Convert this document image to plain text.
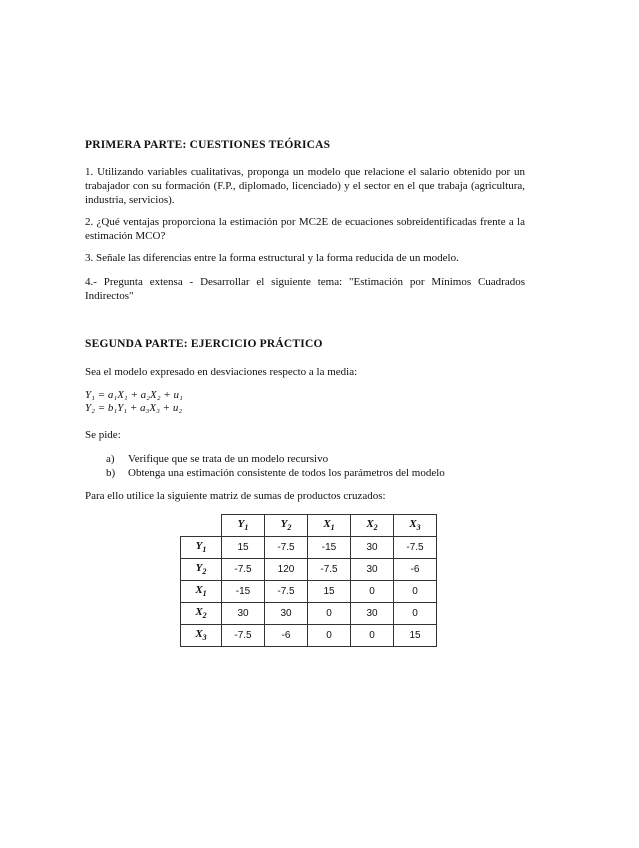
PRIMERA PARTE: CUESTIONES TEÓRICAS
1. Utilizando variables cualitativas, proponga un modelo que relacione el salario obtenido por un trabajador con su formación (F.P., diplomado, licenciado) y el sector en el que trabaja (agricultura, industria, servicios).
2. ¿Qué ventajas proporciona la estimación por MC2E de ecuaciones sobreidentificadas frente a la estimación MCO?
3. Señale las diferencias entre la forma estructural y la forma reducida de un modelo.
4.- Pregunta extensa - Desarrollar el siguiente tema: "Estimación por Mínimos Cuadrados Indirectos"
SEGUNDA PARTE: EJERCICIO PRÁCTICO
Sea el modelo expresado en desviaciones respecto a la media:
Y₁ = a₁X₁ + a₂X₂ + u₁
Y₂ = b₁Y₁ + a₃X₃ + u₂
Se pide:
a)	Verifique que se trata de un modelo recursivo
b)	Obtenga una estimación consistente de todos los parámetros del modelo
Para ello utilice la siguiente matriz de sumas de productos cruzados:
	$Y_1$	$Y_2$	$X_1$	$X_2$	$X_3$
$Y_1$	15	-7.5	-15	30	-7.5
$Y_2$	-7.5	120	-7.5	30	-6
$X_1$	-15	-7.5	15	0	0
$X_2$	30	30	0	30	0
$X_3$	-7.5	-6	0	0	15
